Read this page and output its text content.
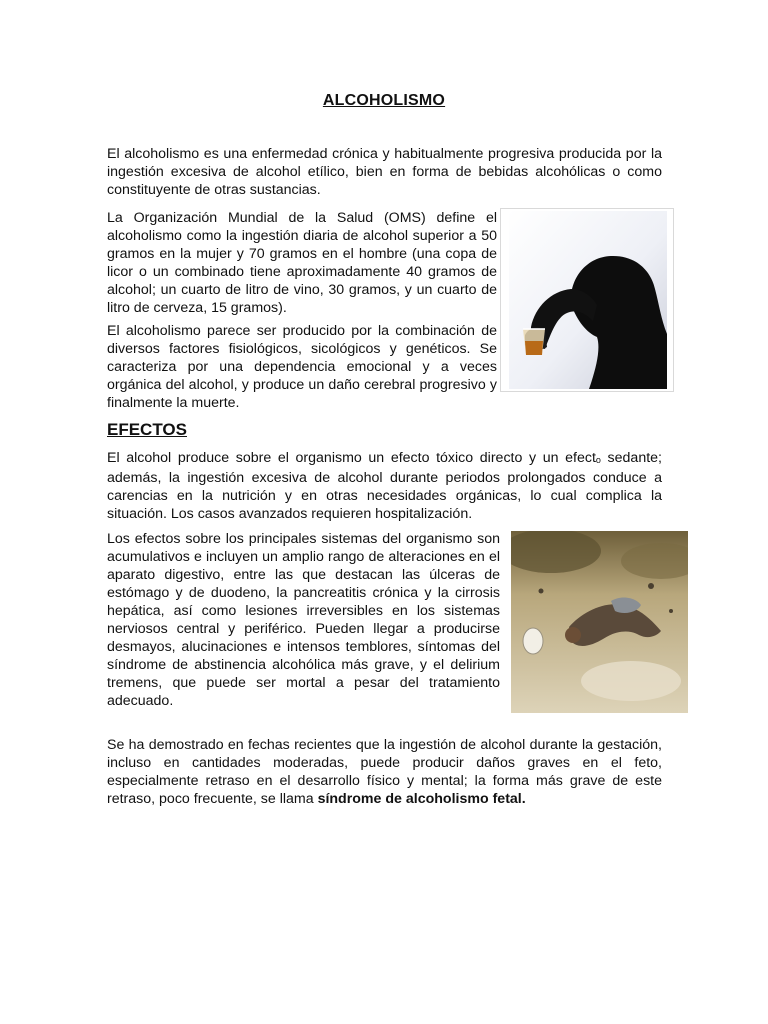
ALCOHOLISMO

El alcoholismo es una enfermedad crónica y habitualmente progresiva producida por la ingestión excesiva de alcohol etílico, bien en forma de bebidas alcohólicas o como constituyente de otras sustancias.

La Organización Mundial de la Salud (OMS) define el alcoholismo como la ingestión diaria de alcohol superior a 50 gramos en la mujer y 70 gramos en el hombre (una copa de licor o un combinado tiene aproximadamente 40 gramos de alcohol; un cuarto de litro de vino, 30 gramos, y un cuarto de litro de cerveza, 15 gramos).

El alcoholismo parece ser producido por la combinación de diversos factores fisiológicos, sicológicos y genéticos. Se caracteriza por una dependencia emocional y a veces orgánica del alcohol, y produce un daño cerebral progresivo y finalmente la muerte.

EFECTOS

El alcohol produce sobre el organismo un efecto tóxico directo y un efecto sedante; además, la ingestión excesiva de alcohol durante periodos prolongados conduce a carencias en la nutrición y en otras necesidades orgánicas, lo cual complica la situación. Los casos avanzados requieren hospitalización.

Los efectos sobre los principales sistemas del organismo son acumulativos e incluyen un amplio rango de alteraciones en el aparato digestivo, entre las que destacan las úlceras de estómago y de duodeno, la pancreatitis crónica y la cirrosis hepática, así como lesiones irreversibles en los sistemas nerviosos central y periférico. Pueden llegar a producirse desmayos, alucinaciones e intensos temblores, síntomas del síndrome de abstinencia alcohólica más grave, y el delirium tremens, que puede ser mortal a pesar del tratamiento adecuado.

Se ha demostrado en fechas recientes que la ingestión de alcohol durante la gestación, incluso en cantidades moderadas, puede producir daños graves en el feto, especialmente retraso en el desarrollo físico y mental; la forma más grave de este retraso, poco frecuente, se llama síndrome de alcoholismo fetal.
